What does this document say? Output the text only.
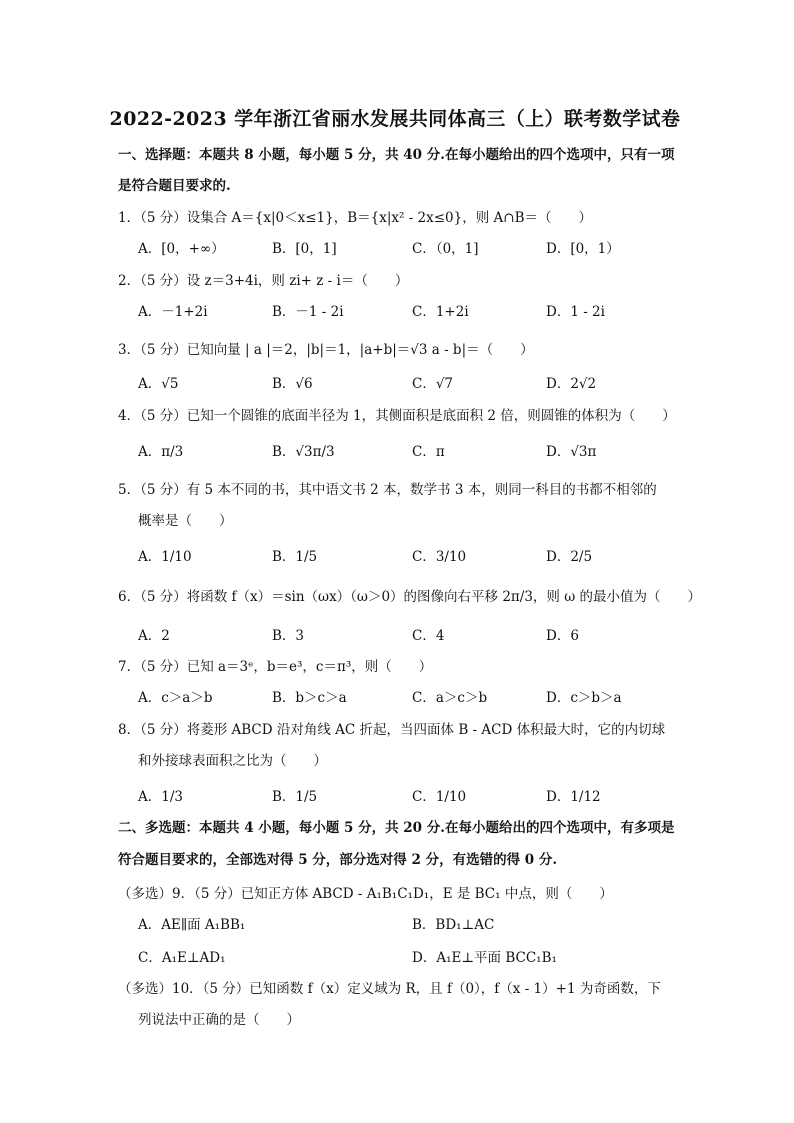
2022-2023 学年浙江省丽水发展共同体高三（上）联考数学试卷
一、选择题：本题共 8 小题，每小题 5 分，共 40 分.在每小题给出的四个选项中，只有一项
是符合题目要求的.
1．（5 分）设集合 A＝{x|0＜x≤1}，B＝{x|x² - 2x≤0}，则 A∩B＝（　　）
A．[0，+∞）	B．[0，1]	C．（0，1]	D．[0，1）
2．（5 分）设 z＝3+4i，则 zi+ z - i＝（　　）
A．－1+2i	B．－1 - 2i	C．1+2i	D．1 - 2i
3．（5 分）已知向量 | a |＝2，|b|＝1，|a+b|＝√3 a - b|＝（　　）
A．√5	B．√6	C．√7	D．2√2
4．（5 分）已知一个圆锥的底面半径为 1，其侧面积是底面积 2 倍，则圆锥的体积为（　　）
A．π/3	B．√3π/3	C．π	D．√3π
5．（5 分）有 5 本不同的书，其中语文书 2 本，数学书 3 本，则同一科目的书都不相邻的
概率是（　　）
A．1/10	B．1/5	C．3/10	D．2/5
6．（5 分）将函数 f（x）＝sin（ωx）（ω＞0）的图像向右平移 2π/3，则 ω 的最小值为（　　）
A．2	B．3	C．4	D．6
7．（5 分）已知 a＝3ᵉ，b＝e³，c＝π³，则（　　）
A．c＞a＞b	B．b＞c＞a	C．a＞c＞b	D．c＞b＞a
8．（5 分）将菱形 ABCD 沿对角线 AC 折起，当四面体 B - ACD 体积最大时，它的内切球
和外接球表面积之比为（　　）
A．1/3	B．1/5	C．1/10	D．1/12
二、多选题：本题共 4 小题，每小题 5 分，共 20 分.在每小题给出的四个选项中，有多项是
符合题目要求的，全部选对得 5 分，部分选对得 2 分，有选错的得 0 分.
（多选）9．（5 分）已知正方体 ABCD - A₁B₁C₁D₁，E 是 BC₁ 中点，则（　　）
A．AE∥面 A₁BB₁	B．BD₁⊥AC
C．A₁E⊥AD₁	D．A₁E⊥平面 BCC₁B₁
（多选）10．（5 分）已知函数 f（x）定义域为 R，且 f（0），f（x - 1）+1 为奇函数，下
列说法中正确的是（　　）
